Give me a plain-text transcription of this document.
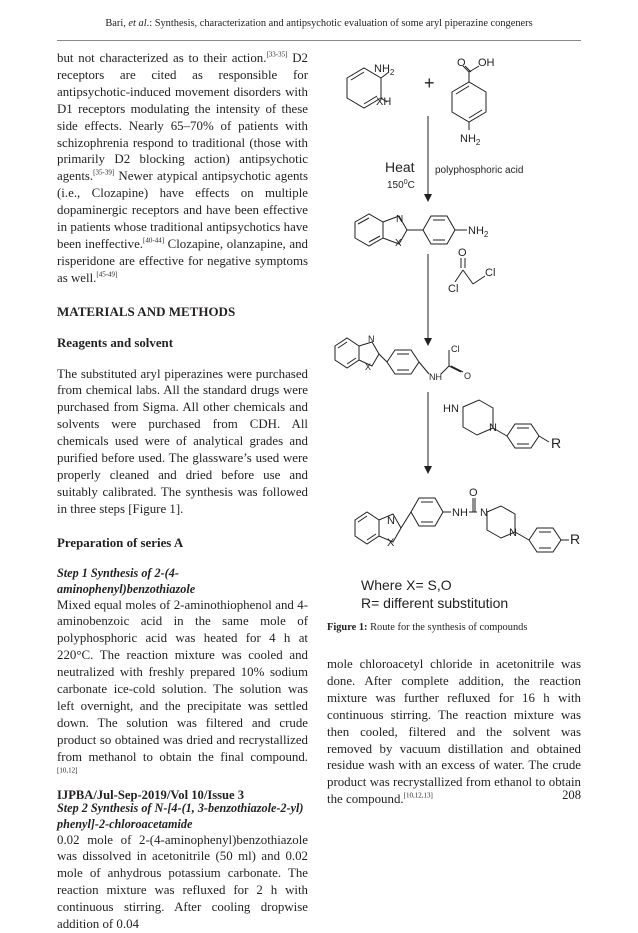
Bari, et al.: Synthesis, characterization and antipsychotic evaluation of some aryl piperazine congeners

but not characterized as to their action.[33-35] D2 receptors are cited as responsible for antipsychotic-induced movement disorders with D1 receptors modulating the intensity of these side effects. Nearly 65–70% of patients with schizophrenia respond to traditional (those with primarily D2 blocking action) antipsychotic agents.[35-39] Newer atypical antipsychotic agents (i.e., Clozapine) have effects on multiple dopaminergic receptors and have been effective in patients whose traditional antipsychotics have been ineffective.[40-44] Clozapine, olanzapine, and risperidone are effective for negative symptoms as well.[45-49]

MATERIALS AND METHODS

Reagents and solvent

The substituted aryl piperazines were purchased from chemical labs. All the standard drugs were purchased from Sigma. All other chemicals and solvents were purchased from CDH. All chemicals used were of analytical grades and purified before used. The glassware’s used were properly cleaned and dried before use and suitably calibrated. The synthesis was followed in three steps [Figure 1].

Preparation of series A

Step 1 Synthesis of 2-(4-aminophenyl)benzothiazole

Mixed equal moles of 2-aminothiophenol and 4-aminobenzoic acid in the same mole of polyphosphoric acid was heated for 4 h at 220°C. The reaction mixture was cooled and neutralized with freshly prepared 10% sodium carbonate ice-cold solution. The solution was left overnight, and the precipitate was settled down. The solution was filtered and crude product so obtained was dried and recrystallized from methanol to obtain the final compound.[10,12]

Step 2 Synthesis of N-[4-(1, 3-benzothiazole-2-yl) phenyl]-2-chloroacetamide

0.02 mole of 2-(4-aminophenyl)benzothiazole was dissolved in acetonitrile (50 ml) and 0.02 mole of anhydrous potassium carbonate. The reaction mixture was refluxed for 2 h with continuous stirring. After cooling dropwise addition of 0.04

$NH_2$
XH
+
O OH
$NH_2$
Heat
$150^0C$
polyphosphoric acid
N
X
$NH_2$
O
Cl
Cl
N
X
NH
Cl
O
HN
N
R
N
X
NH
O
N
N	R
Where X= S,O
R= different substitution
Figure 1: Route for the synthesis of compounds

mole chloroacetyl chloride in acetonitrile was done. After complete addition, the reaction mixture was further refluxed for 16 h with continuous stirring. The reaction mixture was then cooled, filtered and the solvent was removed by vacuum distillation and obtained residue wash with an excess of water. The crude product was recrystallized from ethanol to obtain the compound.[10,12,13]

IJPBA/Jul-Sep-2019/Vol 10/Issue 3	208
